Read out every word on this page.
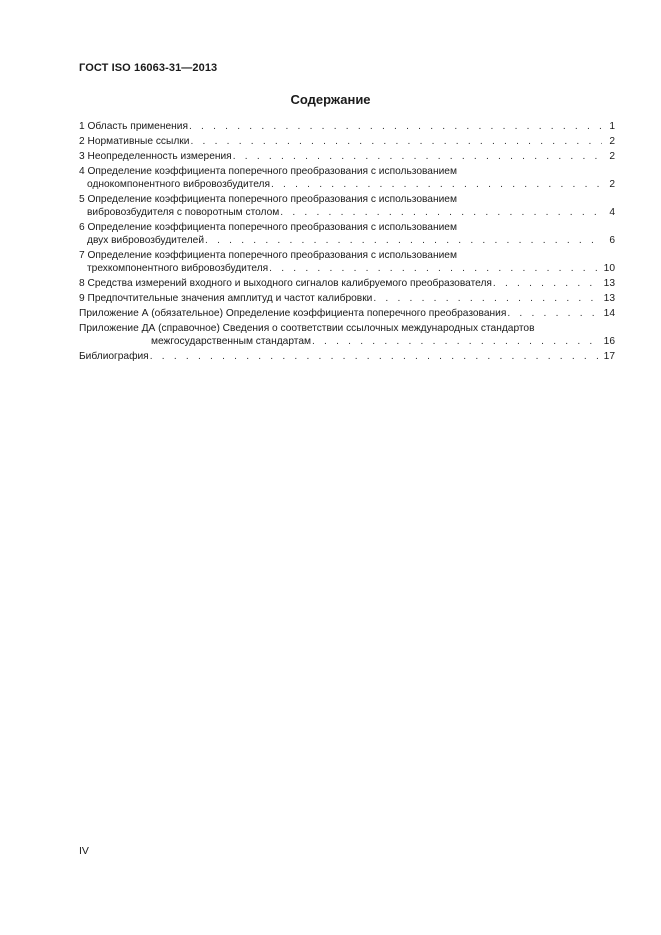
ГОСТ ISO 16063-31—2013
Содержание
1 Область применения . . .	1
2 Нормативные ссылки . . .	2
3 Неопределенность измерения . . .	2
4 Определение коэффициента поперечного преобразования с использованием
однокомпонентного вибровозбудителя . . .	2
5 Определение коэффициента поперечного преобразования с использованием
вибровозбудителя с поворотным столом . . .	4
6 Определение коэффициента поперечного преобразования с использованием
двух вибровозбудителей . . .	6
7 Определение коэффициента поперечного преобразования с использованием
трехкомпонентного вибровозбудителя . . .	10
8 Средства измерений входного и выходного сигналов калибруемого преобразователя . . .	13
9 Предпочтительные значения амплитуд и частот калибровки . . .	13
Приложение А (обязательное) Определение коэффициента поперечного преобразования . . .	14
Приложение ДА (справочное) Сведения о соответствии ссылочных международных стандартов
межгосударственным стандартам . . .	16
Библиография . . .	17
IV
